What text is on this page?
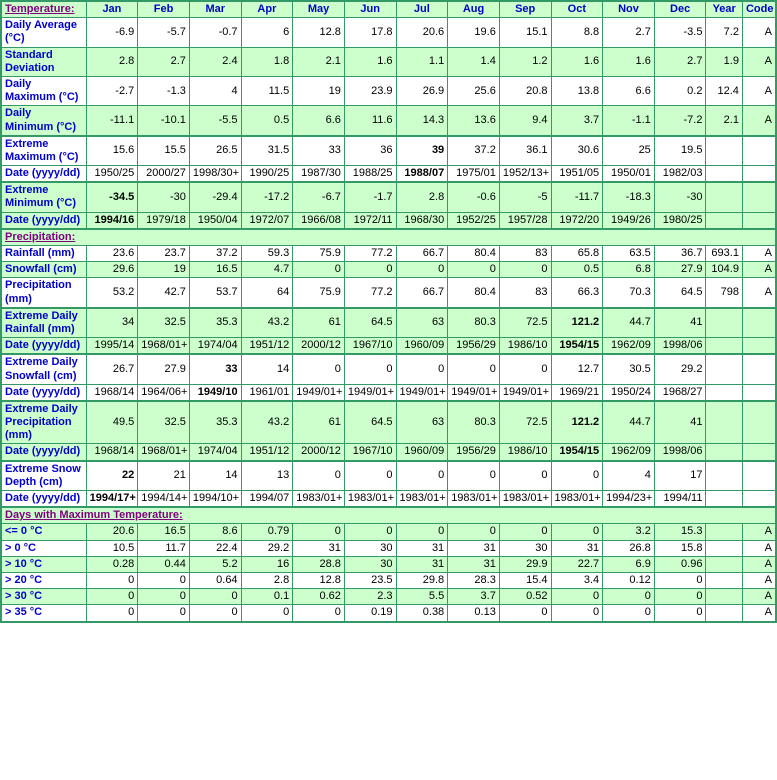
Temperature:	Jan	Feb	Mar	Apr	May	Jun	Jul	Aug	Sep	Oct	Nov	Dec	Year	Code
Daily Average (°C)	-6.9	-5.7	-0.7	6	12.8	17.8	20.6	19.6	15.1	8.8	2.7	-3.5	7.2	A
Standard Deviation	2.8	2.7	2.4	1.8	2.1	1.6	1.1	1.4	1.2	1.6	1.6	2.7	1.9	A
Daily Maximum (°C)	-2.7	-1.3	4	11.5	19	23.9	26.9	25.6	20.8	13.8	6.6	0.2	12.4	A
Daily Minimum (°C)	-11.1	-10.1	-5.5	0.5	6.6	11.6	14.3	13.6	9.4	3.7	-1.1	-7.2	2.1	A
Extreme Maximum (°C)	15.6	15.5	26.5	31.5	33	36	39	37.2	36.1	30.6	25	19.5		
Date (yyyy/dd)	1950/25	2000/27	1998/30+	1990/25	1987/30	1988/25	1988/07	1975/01	1952/13+	1951/05	1950/01	1982/03		
Extreme Minimum (°C)	-34.5	-30	-29.4	-17.2	-6.7	-1.7	2.8	-0.6	-5	-11.7	-18.3	-30		
Date (yyyy/dd)	1994/16	1979/18	1950/04	1972/07	1966/08	1972/11	1968/30	1952/25	1957/28	1972/20	1949/26	1980/25		
Precipitation:														
Rainfall (mm)	23.6	23.7	37.2	59.3	75.9	77.2	66.7	80.4	83	65.8	63.5	36.7	693.1	A
Snowfall (cm)	29.6	19	16.5	4.7	0	0	0	0	0	0.5	6.8	27.9	104.9	A
Precipitation (mm)	53.2	42.7	53.7	64	75.9	77.2	66.7	80.4	83	66.3	70.3	64.5	798	A
Extreme Daily Rainfall (mm)	34	32.5	35.3	43.2	61	64.5	63	80.3	72.5	121.2	44.7	41		
Date (yyyy/dd)	1995/14	1968/01+	1974/04	1951/12	2000/12	1967/10	1960/09	1956/29	1986/10	1954/15	1962/09	1998/06		
Extreme Daily Snowfall (cm)	26.7	27.9	33	14	0	0	0	0	0	12.7	30.5	29.2		
Date (yyyy/dd)	1968/14	1964/06+	1949/10	1961/01	1949/01+	1949/01+	1949/01+	1949/01+	1949/01+	1969/21	1950/24	1968/27		
Extreme Daily Precipitation (mm)	49.5	32.5	35.3	43.2	61	64.5	63	80.3	72.5	121.2	44.7	41		
Date (yyyy/dd)	1968/14	1968/01+	1974/04	1951/12	2000/12	1967/10	1960/09	1956/29	1986/10	1954/15	1962/09	1998/06		
Extreme Snow Depth (cm)	22	21	14	13	0	0	0	0	0	0	4	17		
Date (yyyy/dd)	1994/17+	1994/14+	1994/10+	1994/07	1983/01+	1983/01+	1983/01+	1983/01+	1983/01+	1983/01+	1994/23+	1994/11		
Days with Maximum Temperature:														
<= 0 °C	20.6	16.5	8.6	0.79	0	0	0	0	0	0	3.2	15.3		A
> 0 °C	10.5	11.7	22.4	29.2	31	30	31	31	30	31	26.8	15.8		A
> 10 °C	0.28	0.44	5.2	16	28.8	30	31	31	29.9	22.7	6.9	0.96		A
> 20 °C	0	0	0.64	2.8	12.8	23.5	29.8	28.3	15.4	3.4	0.12	0		A
> 30 °C	0	0	0	0.1	0.62	2.3	5.5	3.7	0.52	0	0	0		A
> 35 °C	0	0	0	0	0	0.19	0.38	0.13	0	0	0	0		A
